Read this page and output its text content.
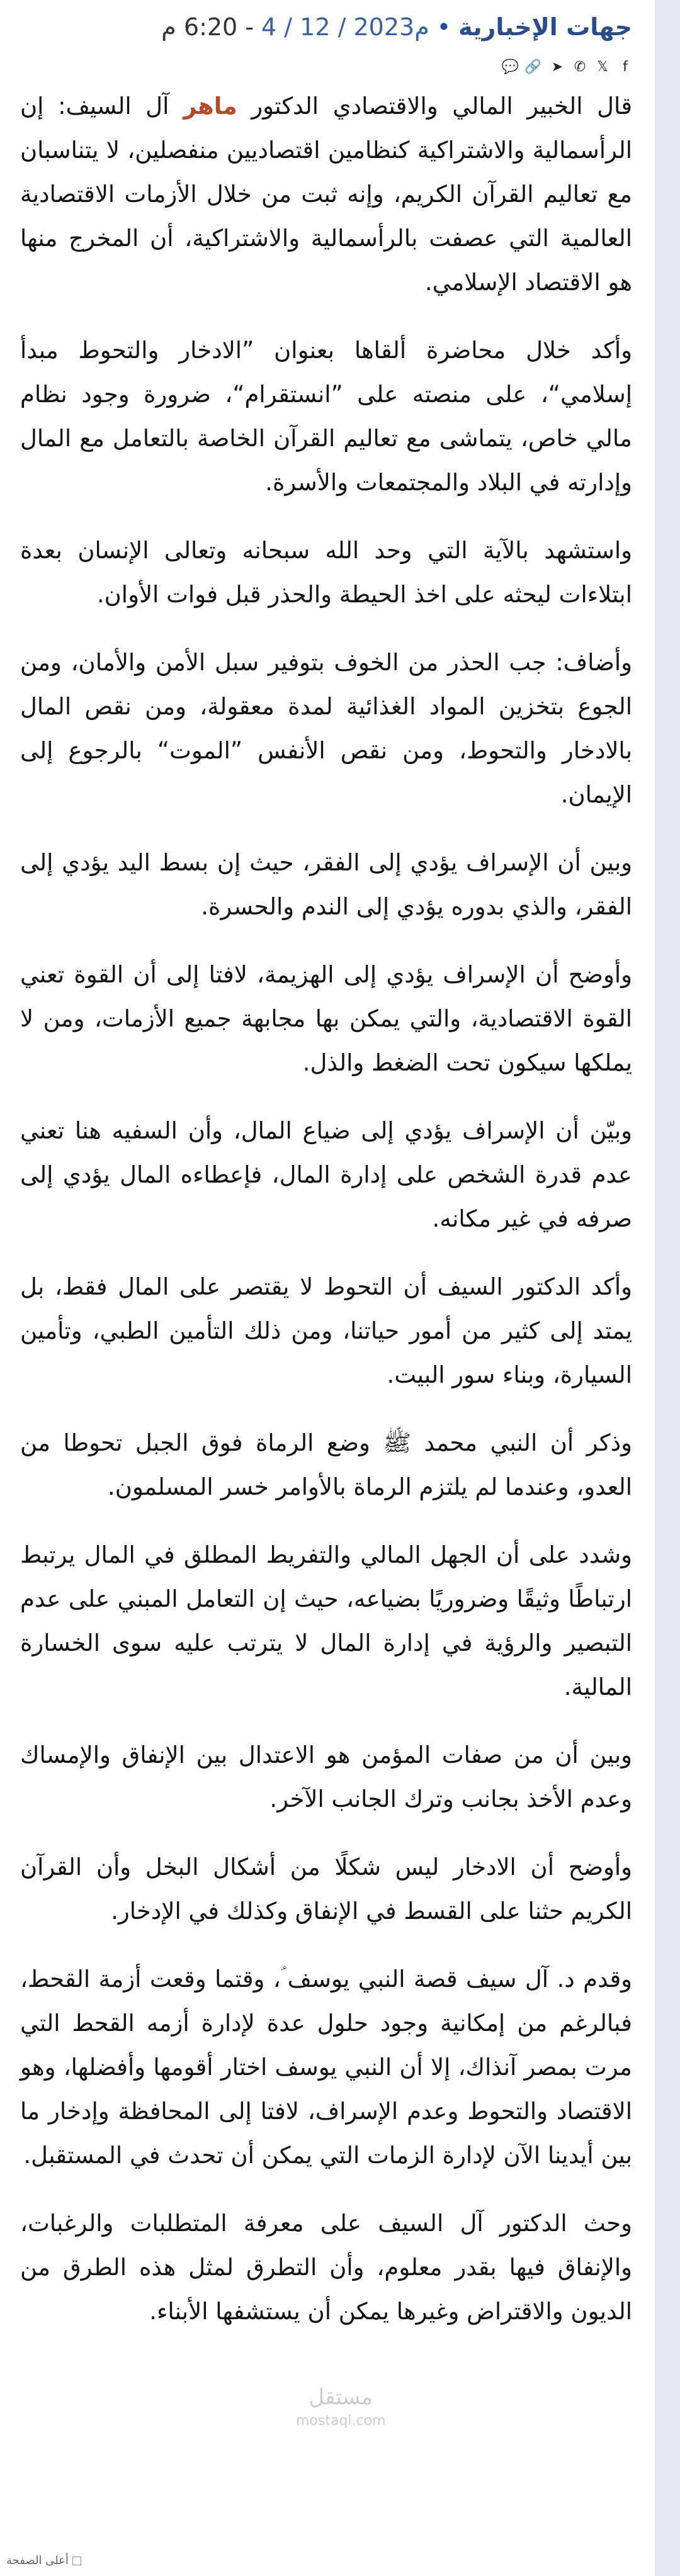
جهات الإخبارية
•
4 / 12 / 2023م
- 6:20 م
f
𝕏
✆
➤
🔗
💬

قال الخبير المالي والاقتصادي الدكتور ماهر آل السيف: إن الرأسمالية والاشتراكية كنظامين اقتصاديين منفصلين، لا يتناسبان مع تعاليم القرآن الكريم، وإنه ثبت من خلال الأزمات الاقتصادية العالمية التي عصفت بالرأسمالية والاشتراكية، أن المخرج منها هو الاقتصاد الإسلامي.

وأكد خلال محاضرة ألقاها بعنوان ”الادخار والتحوط مبدأ إسلامي“، على منصته على ”انستقرام“، ضرورة وجود نظام مالي خاص، يتماشى مع تعاليم القرآن الخاصة بالتعامل مع المال وإدارته في البلاد والمجتمعات والأسرة.

واستشهد بالآية التي وحد الله سبحانه وتعالى الإنسان بعدة ابتلاءات ليحثه على اخذ الحيطة والحذر قبل فوات الأوان.

وأضاف: جب الحذر من الخوف بتوفير سبل الأمن والأمان، ومن الجوع بتخزين المواد الغذائية لمدة معقولة، ومن نقص المال بالادخار والتحوط، ومن نقص الأنفس ”الموت“ بالرجوع إلى الإيمان.

وبين أن الإسراف يؤدي إلى الفقر، حيث إن بسط اليد يؤدي إلى الفقر، والذي بدوره يؤدي إلى الندم والحسرة.

وأوضح أن الإسراف يؤدي إلى الهزيمة، لافتا إلى أن القوة تعني القوة الاقتصادية، والتي يمكن بها مجابهة جميع الأزمات، ومن لا يملكها سيكون تحت الضغط والذل.

وبيّن أن الإسراف يؤدي إلى ضياع المال، وأن السفيه هنا تعني عدم قدرة الشخص على إدارة المال، فإعطاءه المال يؤدي إلى صرفه في غير مكانه.

وأكد الدكتور السيف أن التحوط لا يقتصر على المال فقط، بل يمتد إلى كثير من أمور حياتنا، ومن ذلك التأمين الطبي، وتأمين السيارة، وبناء سور البيت.

وذكر أن النبي محمد ﷺ وضع الرماة فوق الجبل تحوطا من العدو، وعندما لم يلتزم الرماة بالأوامر خسر المسلمون.

وشدد على أن الجهل المالي والتفريط المطلق في المال يرتبط ارتباطًا وثيقًا وضروريًا بضياعه، حيث إن التعامل المبني على عدم التبصير والرؤية في إدارة المال لا يترتب عليه سوى الخسارة المالية.

وبين أن من صفات المؤمن هو الاعتدال بين الإنفاق والإمساك وعدم الأخذ بجانب وترك الجانب الآخر.

وأوضح أن الادخار ليس شكلًا من أشكال البخل وأن القرآن الكريم حثنا على القسط في الإنفاق وكذلك في الإدخار.

وقدم د. آل سيف قصة النبي يوسف ؑ، وقتما وقعت أزمة القحط، فبالرغم من إمكانية وجود حلول عدة لإدارة أزمه القحط التي مرت بمصر آنذاك، إلا أن النبي يوسف اختار أقومها وأفضلها، وهو الاقتصاد والتحوط وعدم الإسراف، لافتا إلى المحافظة وإدخار ما بين أيدينا الآن لإدارة الزمات التي يمكن أن تحدث في المستقبل.

وحث الدكتور آل السيف على معرفة المتطلبات والرغبات، والإنفاق فيها بقدر معلوم، وأن التطرق لمثل هذه الطرق من الديون والاقتراض وغيرها يمكن أن يستشفها الأبناء.

مستقل
mostaql.com
أعلى الصفحة
